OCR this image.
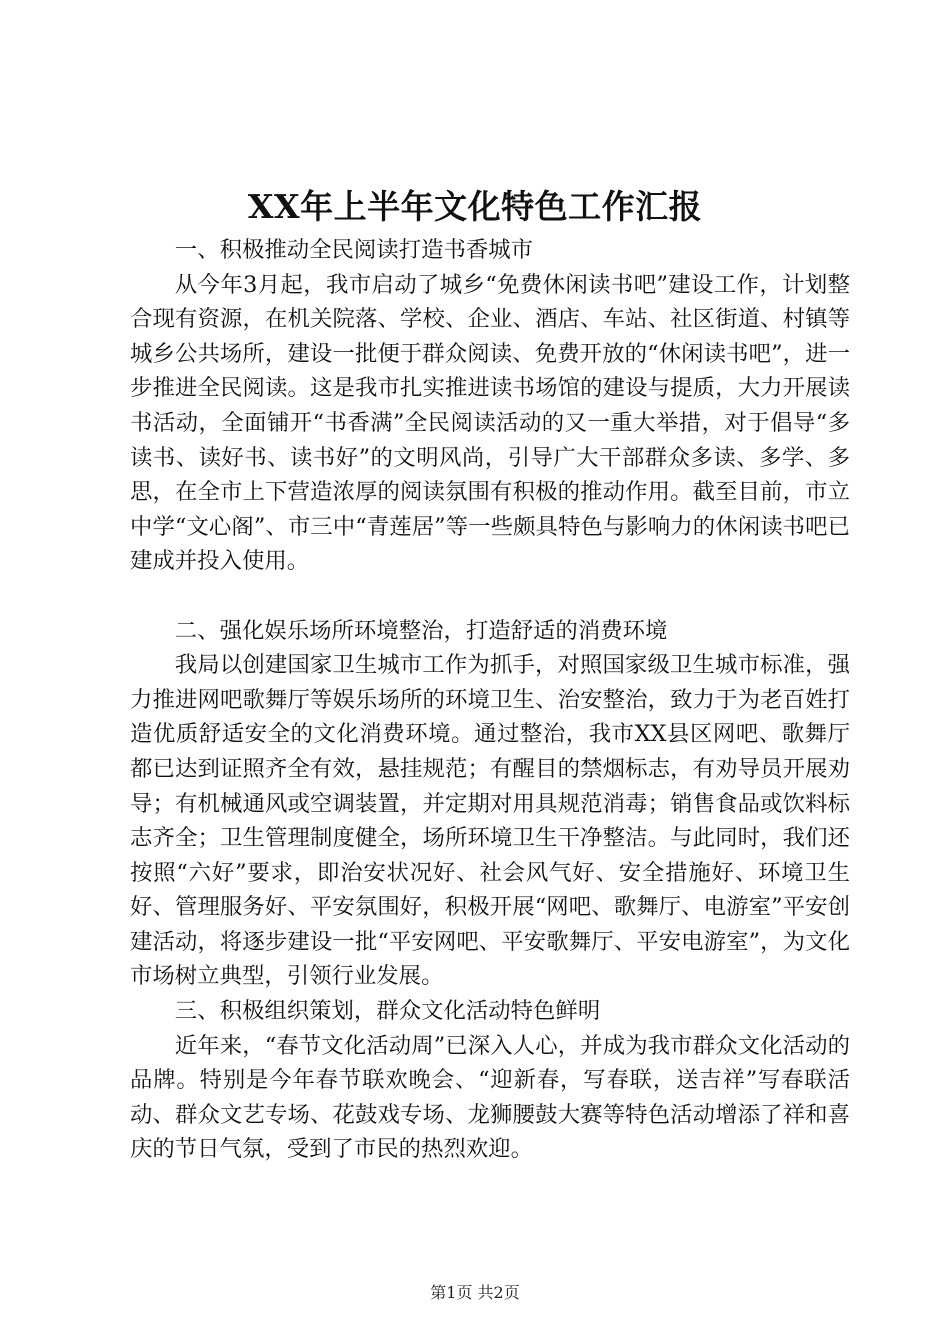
XX年上半年文化特色工作汇报

一、积极推动全民阅读打造书香城市

从今年3月起，我市启动了城乡“免费休闲读书吧”建设工作，计划整合现有资源，在机关院落、学校、企业、酒店、车站、社区街道、村镇等城乡公共场所，建设一批便于群众阅读、免费开放的“休闲读书吧”，进一步推进全民阅读。这是我市扎实推进读书场馆的建设与提质，大力开展读书活动，全面铺开“书香满”全民阅读活动的又一重大举措，对于倡导“多读书、读好书、读书好”的文明风尚，引导广大干部群众多读、多学、多思，在全市上下营造浓厚的阅读氛围有积极的推动作用。截至目前，市立中学“文心阁”、市三中“青莲居”等一些颇具特色与影响力的休闲读书吧已建成并投入使用。

二、强化娱乐场所环境整治，打造舒适的消费环境

我局以创建国家卫生城市工作为抓手，对照国家级卫生城市标准，强力推进网吧歌舞厅等娱乐场所的环境卫生、治安整治，致力于为老百姓打造优质舒适安全的文化消费环境。通过整治，我市XX县区网吧、歌舞厅都已达到证照齐全有效，悬挂规范；有醒目的禁烟标志，有劝导员开展劝导；有机械通风或空调装置，并定期对用具规范消毒；销售食品或饮料标志齐全；卫生管理制度健全，场所环境卫生干净整洁。与此同时，我们还按照“六好”要求，即治安状况好、社会风气好、安全措施好、环境卫生好、管理服务好、平安氛围好，积极开展“网吧、歌舞厅、电游室”平安创建活动，将逐步建设一批“平安网吧、平安歌舞厅、平安电游室”，为文化市场树立典型，引领行业发展。

三、积极组织策划，群众文化活动特色鲜明

近年来，“春节文化活动周”已深入人心，并成为我市群众文化活动的品牌。特别是今年春节联欢晚会、“迎新春，写春联，送吉祥”写春联活动、群众文艺专场、花鼓戏专场、龙狮腰鼓大赛等特色活动增添了祥和喜庆的节日气氛，受到了市民的热烈欢迎。

第1页 共2页
